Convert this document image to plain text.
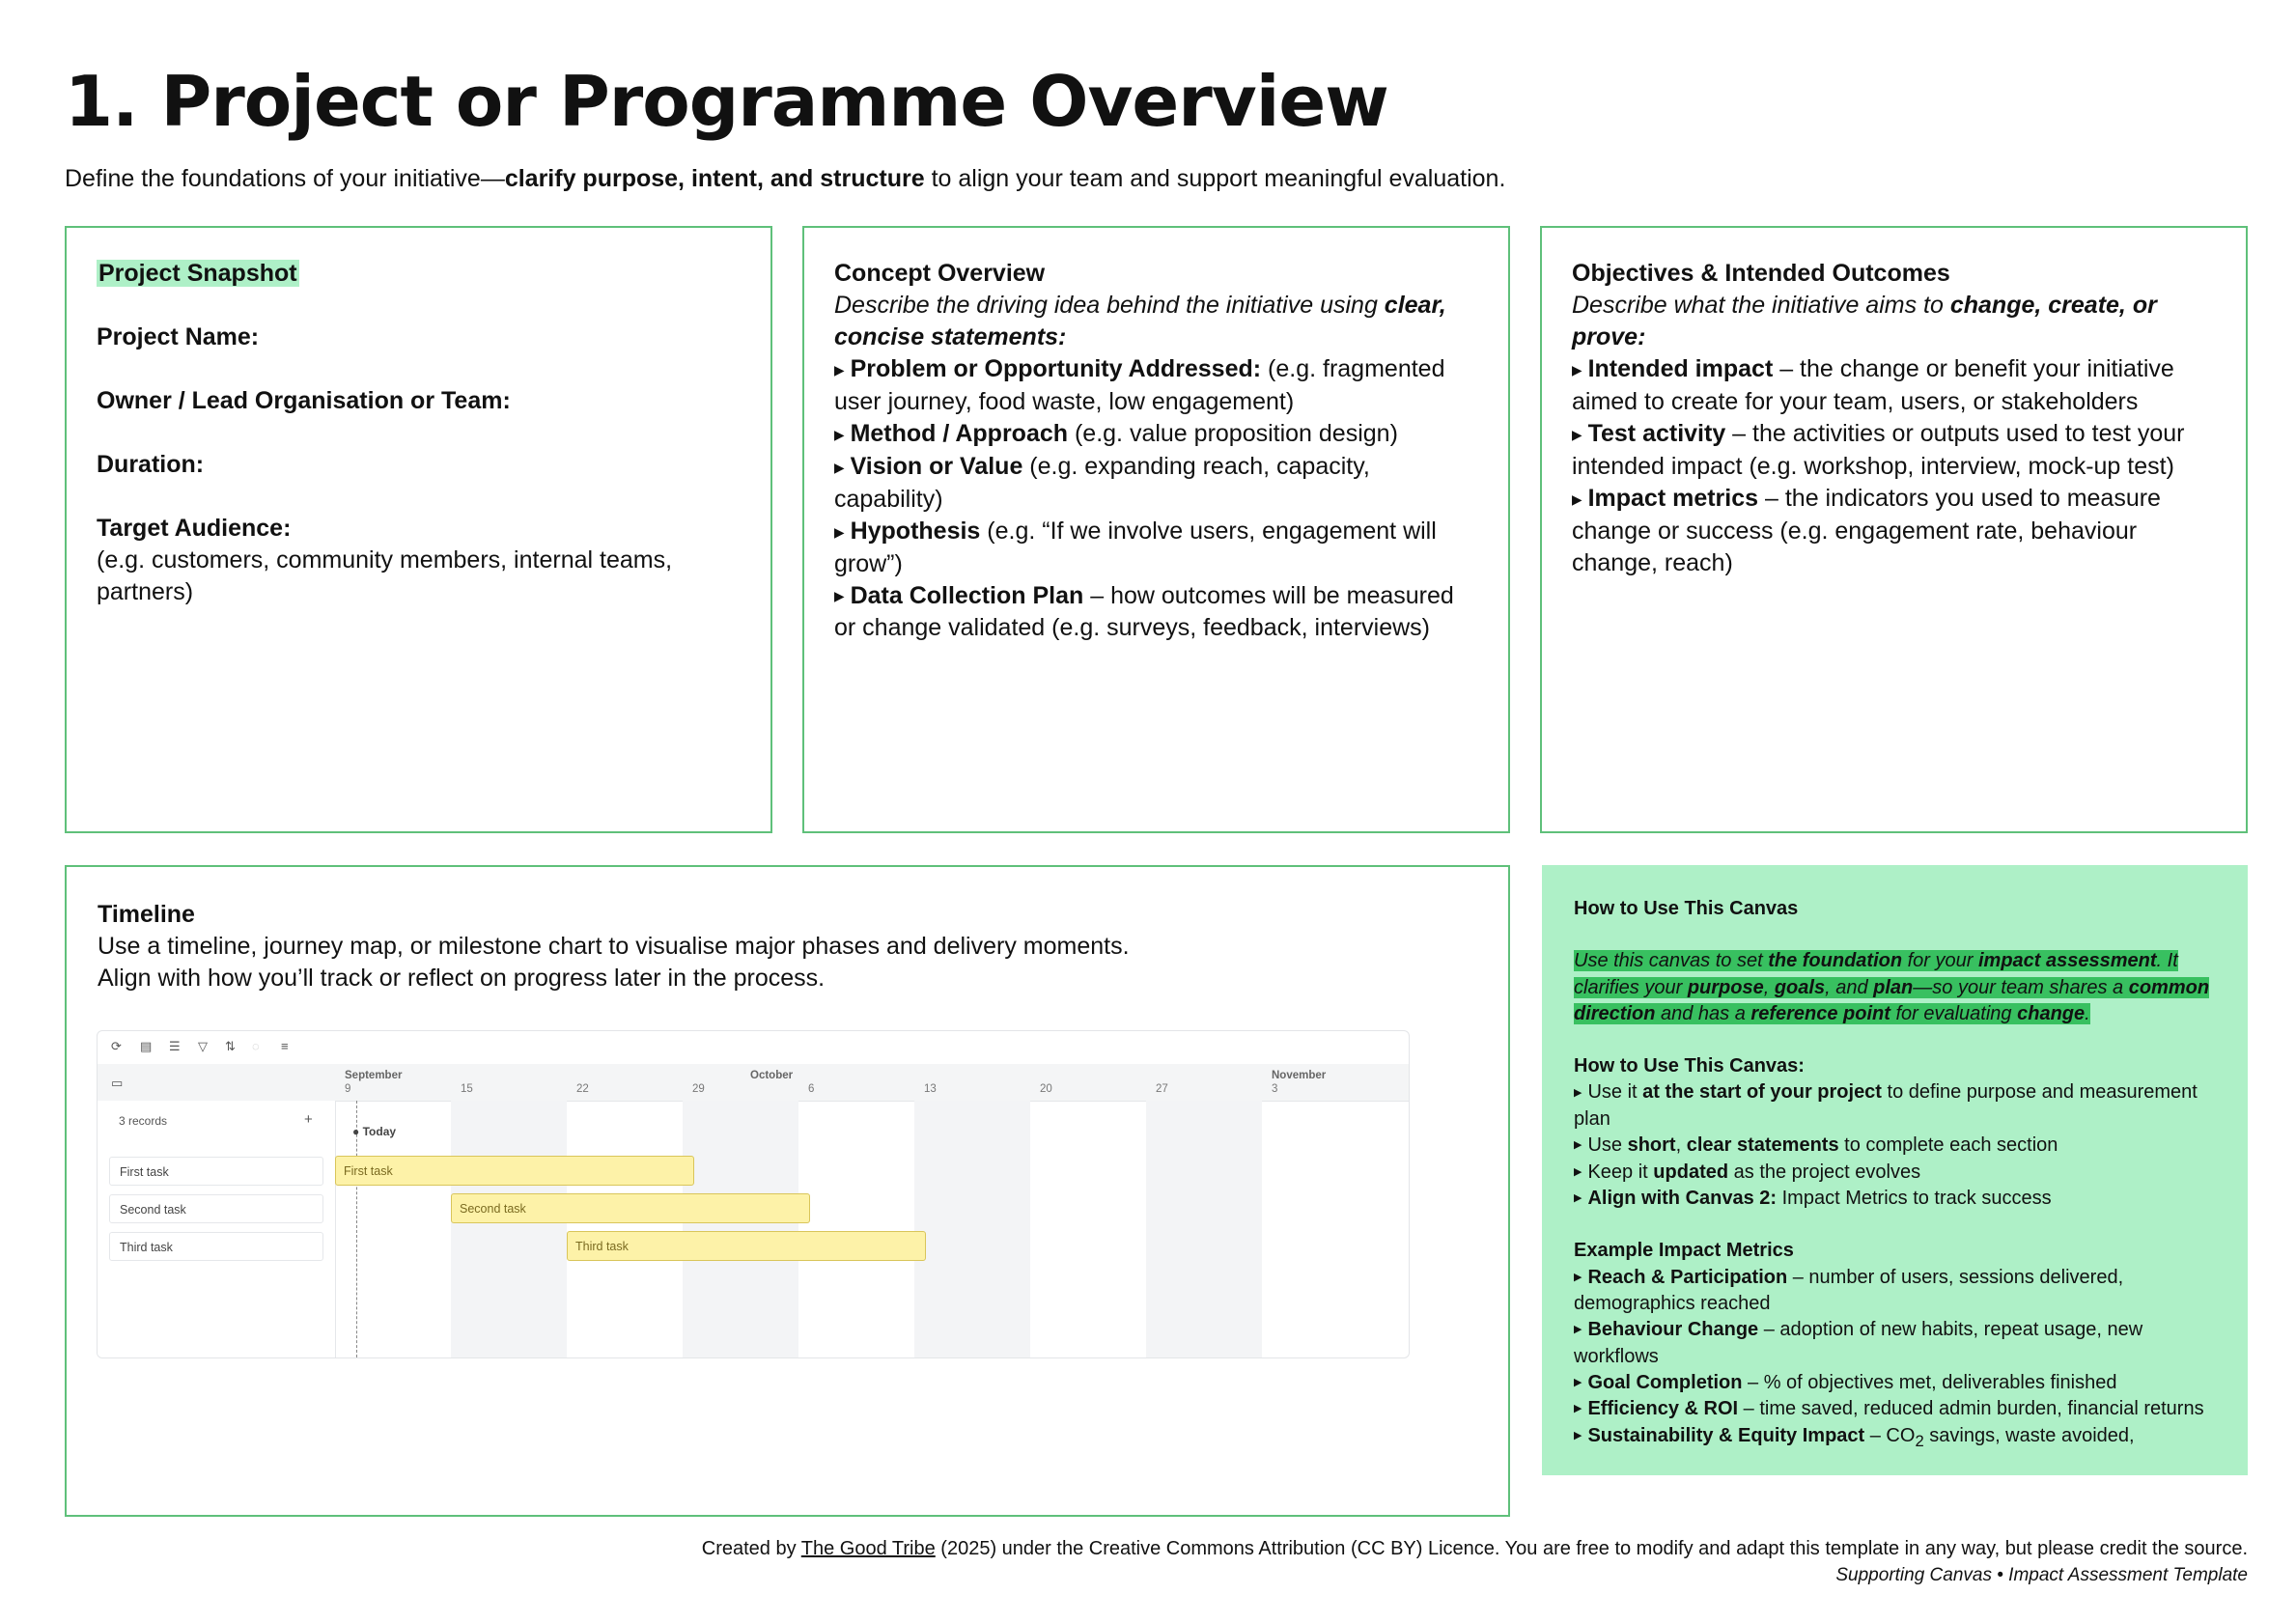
1. Project or Programme Overview
Define the foundations of your initiative—clarify purpose, intent, and structure to align your team and support meaningful evaluation.
Project Snapshot
Project Name:
Owner / Lead Organisation or Team:
Duration:
Target Audience:
(e.g. customers, community members, internal teams, partners)
Concept Overview
Describe the driving idea behind the initiative using clear, concise statements:
▶ Problem or Opportunity Addressed: (e.g. fragmented user journey, food waste, low engagement)
▶ Method / Approach (e.g. value proposition design)
▶ Vision or Value (e.g. expanding reach, capacity, capability)
▶ Hypothesis (e.g. “If we involve users, engagement will grow”)
▶ Data Collection Plan – how outcomes will be measured or change validated (e.g. surveys, feedback, interviews)
Objectives & Intended Outcomes
Describe what the initiative aims to change, create, or prove:
▶ Intended impact – the change or benefit your initiative aimed to create for your team, users, or stakeholders
▶ Test activity – the activities or outputs used to test your intended impact (e.g. workshop, interview, mock-up test)
▶ Impact metrics – the indicators you used to measure change or success (e.g. engagement rate, behaviour change, reach)
Timeline
Use a timeline, journey map, or milestone chart to visualise major phases and delivery moments.
Align with how you’ll track or reflect on progress later in the process.
⟳ ▤ ☰ ▽ ⇅ ◌ ≡
▭	September	October	November
9	15	22	29	6	13	20	27	3
3 records	+
First task
Second task
Third task
● Today
First task
Second task
Third task
How to Use This Canvas
Use this canvas to set the foundation for your impact assessment. It clarifies your purpose, goals, and plan—so your team shares a common direction and has a reference point for evaluating change.
How to Use This Canvas:
▶ Use it at the start of your project to define purpose and measurement plan
▶ Use short, clear statements to complete each section
▶ Keep it updated as the project evolves
▶ Align with Canvas 2: Impact Metrics to track success
Example Impact Metrics
▶ Reach & Participation – number of users, sessions delivered, demographics reached
▶ Behaviour Change – adoption of new habits, repeat usage, new workflows
▶ Goal Completion – % of objectives met, deliverables finished
▶ Efficiency & ROI – time saved, reduced admin burden, financial returns
▶ Sustainability & Equity Impact – $CO_2$ savings, waste avoided,
Created by The Good Tribe (2025) under the Creative Commons Attribution (CC BY) Licence. You are free to modify and adapt this template in any way, but please credit the source.
Supporting Canvas • Impact Assessment Template
